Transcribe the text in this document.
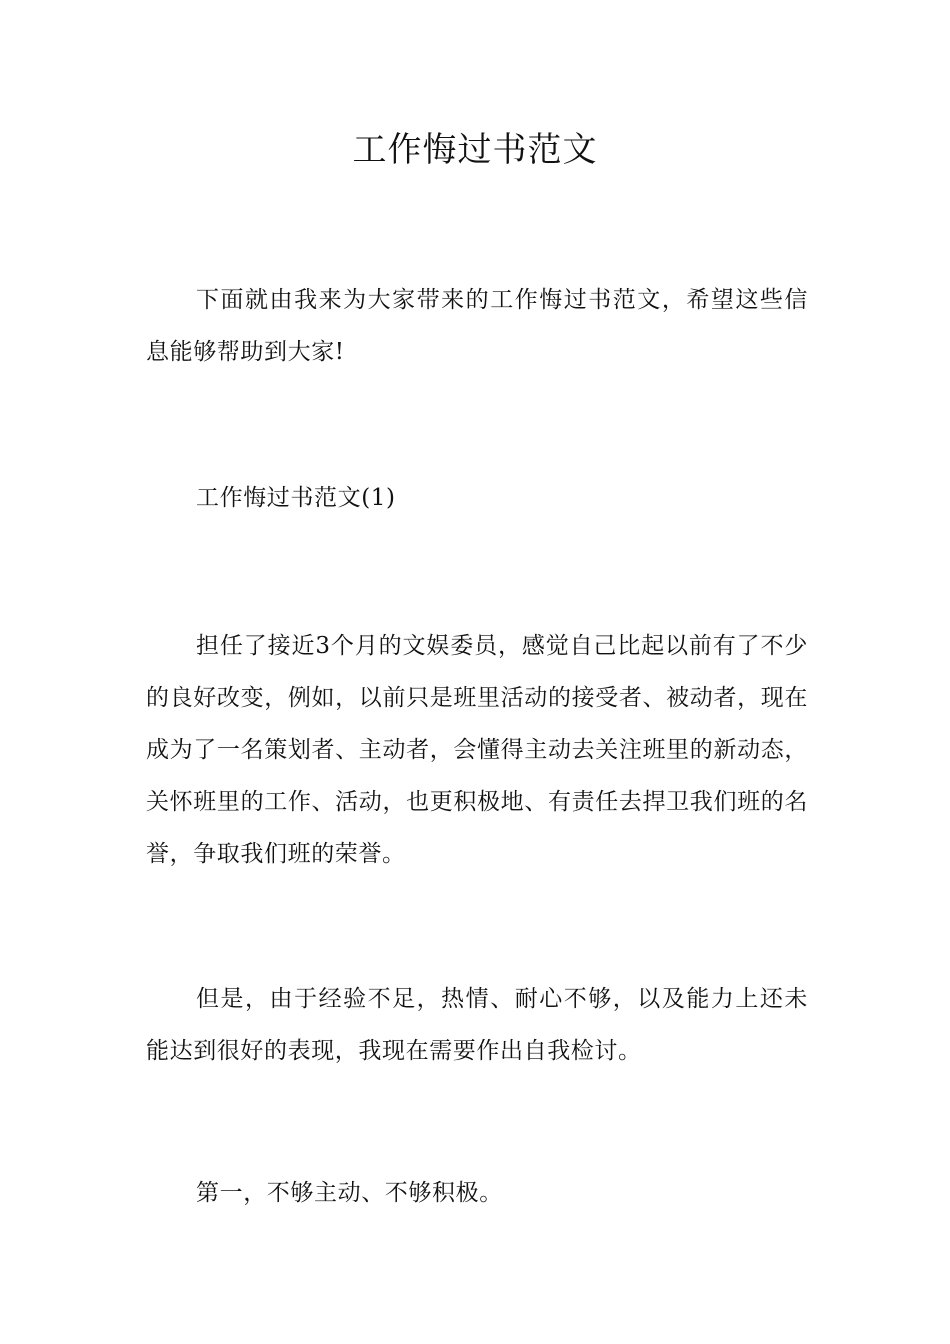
工作悔过书范文

下面就由我来为大家带来的工作悔过书范文，希望这些信息能够帮助到大家!

工作悔过书范文(1)

担任了接近3个月的文娱委员，感觉自己比起以前有了不少的良好改变，例如，以前只是班里活动的接受者、被动者，现在成为了一名策划者、主动者，会懂得主动去关注班里的新动态，关怀班里的工作、活动，也更积极地、有责任去捍卫我们班的名誉，争取我们班的荣誉。

但是，由于经验不足，热情、耐心不够，以及能力上还未能达到很好的表现，我现在需要作出自我检讨。

第一，不够主动、不够积极。
